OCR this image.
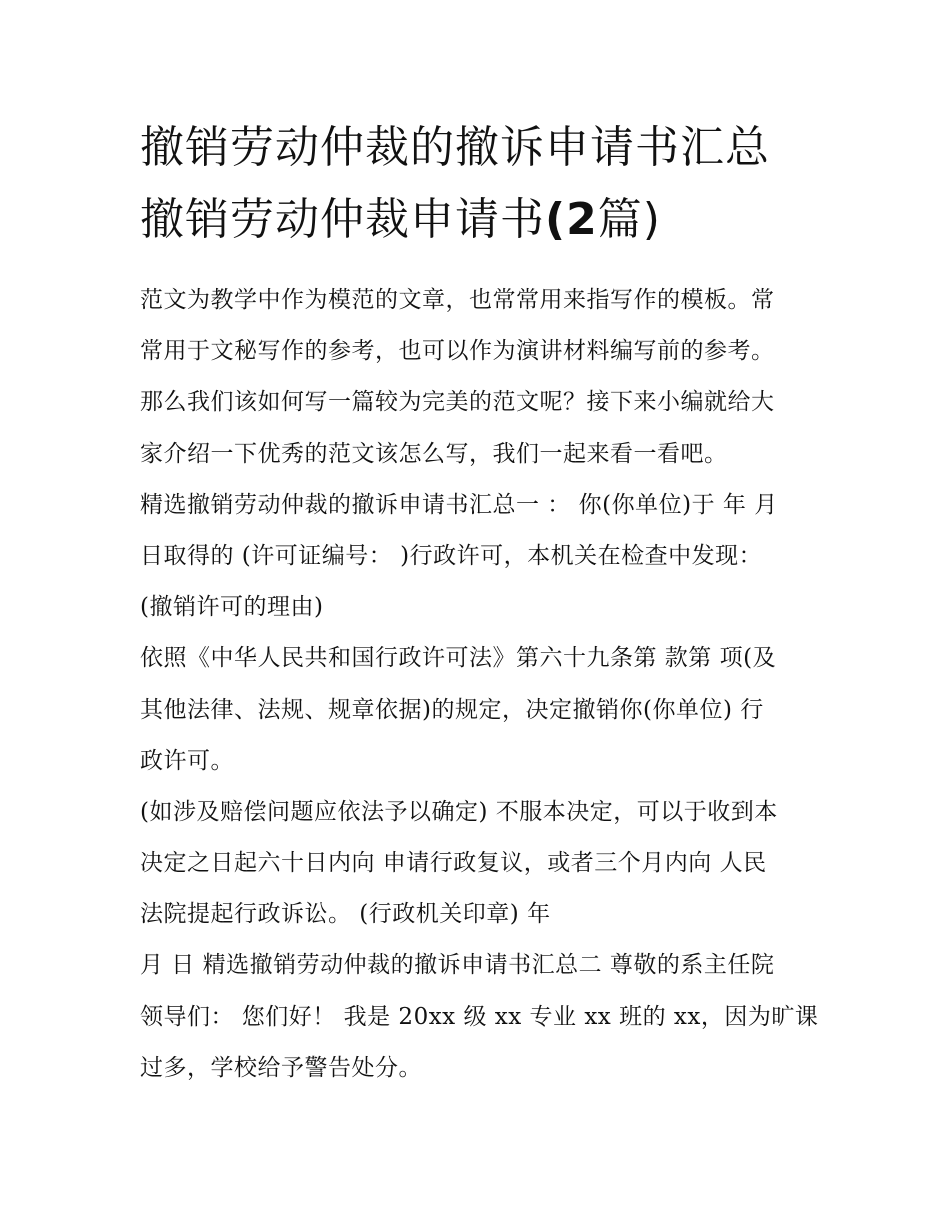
撤销劳动仲裁的撤诉申请书汇总 撤销劳动仲裁申请书(2篇)
范文为教学中作为模范的文章，也常常用来指写作的模板。常
常用于文秘写作的参考，也可以作为演讲材料编写前的参考。
那么我们该如何写一篇较为完美的范文呢？接下来小编就给大
家介绍一下优秀的范文该怎么写，我们一起来看一看吧。
精选撤销劳动仲裁的撤诉申请书汇总一 ： 你(你单位)于 年 月
日取得的 (许可证编号： )行政许可，本机关在检查中发现：
(撤销许可的理由)
依照《中华人民共和国行政许可法》第六十九条第 款第 项(及
其他法律、法规、规章依据)的规定，决定撤销你(你单位) 行
政许可。
(如涉及赔偿问题应依法予以确定) 不服本决定，可以于收到本
决定之日起六十日内向 申请行政复议，或者三个月内向 人民
法院提起行政诉讼。 (行政机关印章) 年
月 日 精选撤销劳动仲裁的撤诉申请书汇总二 尊敬的系主任院
领导们： 您们好！ 我是 20xx 级 xx 专业 xx 班的 xx，因为旷课
过多，学校给予警告处分。
